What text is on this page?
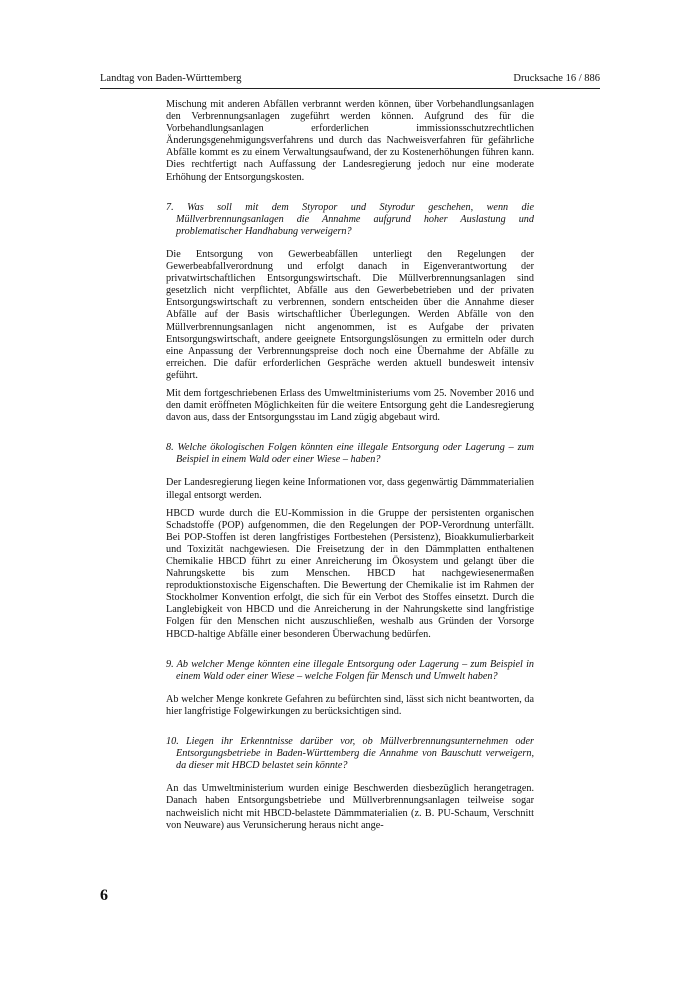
Landtag von Baden-Württemberg	Drucksache 16 / 886

Mischung mit anderen Abfällen verbrannt werden können, über Vorbehandlungsanlagen den Verbrennungsanlagen zugeführt werden können. Aufgrund des für die Vorbehandlungsanlagen erforderlichen immissionsschutzrechtlichen Änderungsgenehmigungsverfahrens und durch das Nachweisverfahren für gefährliche Abfälle kommt es zu einem Verwaltungsaufwand, der zu Kostenerhöhungen führen kann. Dies rechtfertigt nach Auffassung der Landesregierung jedoch nur eine moderate Erhöhung der Entsorgungskosten.

7. Was soll mit dem Styropor und Styrodur geschehen, wenn die Müllverbrennungsanlagen die Annahme aufgrund hoher Auslastung und problematischer Handhabung verweigern?

Die Entsorgung von Gewerbeabfällen unterliegt den Regelungen der Gewerbeabfallverordnung und erfolgt danach in Eigenverantwortung der privatwirtschaftlichen Entsorgungswirtschaft. Die Müllverbrennungsanlagen sind gesetzlich nicht verpflichtet, Abfälle aus den Gewerbebetrieben und der privaten Entsorgungswirtschaft zu verbrennen, sondern entscheiden über die Annahme dieser Abfälle auf der Basis wirtschaftlicher Überlegungen. Werden Abfälle von den Müllverbrennungsanlagen nicht angenommen, ist es Aufgabe der privaten Entsorgungswirtschaft, andere geeignete Entsorgungslösungen zu ermitteln oder durch eine Anpassung der Verbrennungspreise doch noch eine Übernahme der Abfälle zu erreichen. Die dafür erforderlichen Gespräche werden aktuell bundesweit intensiv geführt.

Mit dem fortgeschriebenen Erlass des Umweltministeriums vom 25. November 2016 und den damit eröffneten Möglichkeiten für die weitere Entsorgung geht die Landesregierung davon aus, dass der Entsorgungsstau im Land zügig abgebaut wird.

8. Welche ökologischen Folgen könnten eine illegale Entsorgung oder Lagerung – zum Beispiel in einem Wald oder einer Wiese – haben?

Der Landesregierung liegen keine Informationen vor, dass gegenwärtig Dämmmaterialien illegal entsorgt werden.

HBCD wurde durch die EU-Kommission in die Gruppe der persistenten organischen Schadstoffe (POP) aufgenommen, die den Regelungen der POP-Verordnung unterfällt. Bei POP-Stoffen ist deren langfristiges Fortbestehen (Persistenz), Bioakkumulierbarkeit und Toxizität nachgewiesen. Die Freisetzung der in den Dämmplatten enthaltenen Chemikalie HBCD führt zu einer Anreicherung im Ökosystem und gelangt über die Nahrungskette bis zum Menschen. HBCD hat nachgewiesenermaßen reproduktionstoxische Eigenschaften. Die Bewertung der Chemikalie ist im Rahmen der Stockholmer Konvention erfolgt, die sich für ein Verbot des Stoffes einsetzt. Durch die Langlebigkeit von HBCD und die Anreicherung in der Nahrungskette sind langfristige Folgen für den Menschen nicht auszuschließen, weshalb aus Gründen der Vorsorge HBCD-haltige Abfälle einer besonderen Überwachung bedürfen.

9. Ab welcher Menge könnten eine illegale Entsorgung oder Lagerung – zum Beispiel in einem Wald oder einer Wiese – welche Folgen für Mensch und Umwelt haben?

Ab welcher Menge konkrete Gefahren zu befürchten sind, lässt sich nicht beantworten, da hier langfristige Folgewirkungen zu berücksichtigen sind.

10. Liegen ihr Erkenntnisse darüber vor, ob Müllverbrennungsunternehmen oder Entsorgungsbetriebe in Baden-Württemberg die Annahme von Bauschutt verweigern, da dieser mit HBCD belastet sein könnte?

An das Umweltministerium wurden einige Beschwerden diesbezüglich herangetragen. Danach haben Entsorgungsbetriebe und Müllverbrennungsanlagen teilweise sogar nachweislich nicht mit HBCD-belastete Dämmmaterialien (z. B. PU-Schaum, Verschnitt von Neuware) aus Verunsicherung heraus nicht ange-

6
